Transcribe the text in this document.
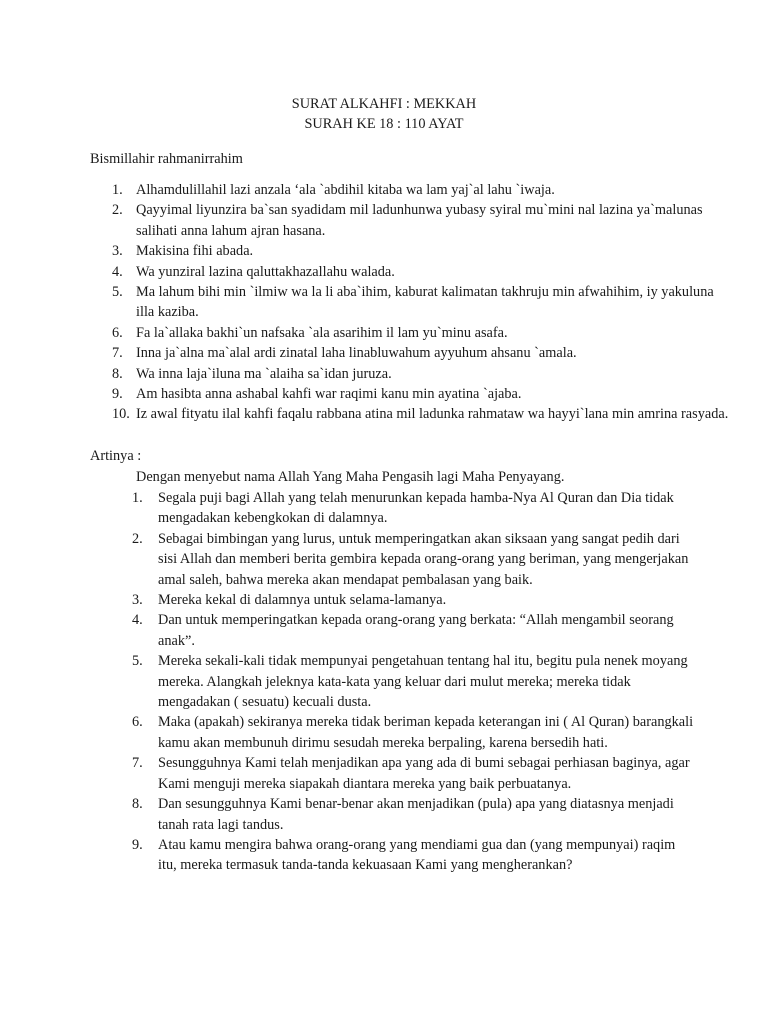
SURAT ALKAHFI : MEKKAH
SURAH KE 18 : 110 AYAT
Bismillahir rahmanirrahim
1. Alhamdulillahil lazi anzala ‘ala `abdihil kitaba wa lam yaj`al lahu `iwaja.
2. Qayyimal liyunzira ba`san syadidam mil ladunhunwa yubasy syiral mu`mini nal lazina ya`malunas salihati anna lahum ajran hasana.
3. Makisina fihi abada.
4. Wa yunziral lazina qaluttakhazallahu walada.
5. Ma lahum bihi min `ilmiw wa la li aba`ihim, kaburat kalimatan takhruju min afwahihim, iy yakuluna illa kaziba.
6. Fa la`allaka bakhi`un nafsaka `ala asarihim il lam yu`minu asafa.
7. Inna ja`alna ma`alal ardi zinatal laha linabluwahum ayyuhum ahsanu `amala.
8. Wa inna laja`iluna ma `alaiha sa`idan juruza.
9. Am hasibta anna ashabal kahfi war raqimi kanu min ayatina `ajaba.
10. Iz awal fityatu ilal kahfi faqalu rabbana atina mil ladunka rahmataw wa hayyi`lana min amrina rasyada.
Artinya :
Dengan menyebut nama Allah Yang Maha Pengasih lagi Maha Penyayang.
1.	Segala puji bagi Allah yang telah menurunkan kepada hamba-Nya Al Quran dan Dia tidak mengadakan kebengkokan di dalamnya.
2.	Sebagai bimbingan yang lurus, untuk memperingatkan akan siksaan yang sangat pedih dari sisi Allah dan memberi berita gembira kepada orang-orang yang beriman, yang mengerjakan amal saleh, bahwa mereka akan mendapat pembalasan yang baik.
3.	Mereka kekal di dalamnya untuk selama-lamanya.
4.	Dan untuk memperingatkan kepada orang-orang yang berkata: “Allah mengambil seorang anak”.
5.	Mereka sekali-kali tidak mempunyai pengetahuan tentang hal itu, begitu pula nenek moyang mereka. Alangkah jeleknya kata-kata yang keluar dari mulut mereka; mereka tidak mengadakan ( sesuatu) kecuali dusta.
6.	Maka (apakah) sekiranya mereka tidak beriman kepada keterangan ini ( Al Quran) barangkali kamu akan membunuh dirimu sesudah mereka berpaling, karena bersedih hati.
7.	Sesungguhnya Kami telah menjadikan apa yang ada di bumi sebagai perhiasan baginya, agar Kami menguji mereka siapakah diantara mereka yang baik perbuatanya.
8.	Dan sesungguhnya Kami benar-benar akan menjadikan (pula) apa yang diatasnya menjadi tanah rata lagi tandus.
9.	Atau kamu mengira bahwa orang-orang yang mendiami gua dan (yang mempunyai) raqim itu, mereka termasuk tanda-tanda kekuasaan Kami yang mengherankan?
